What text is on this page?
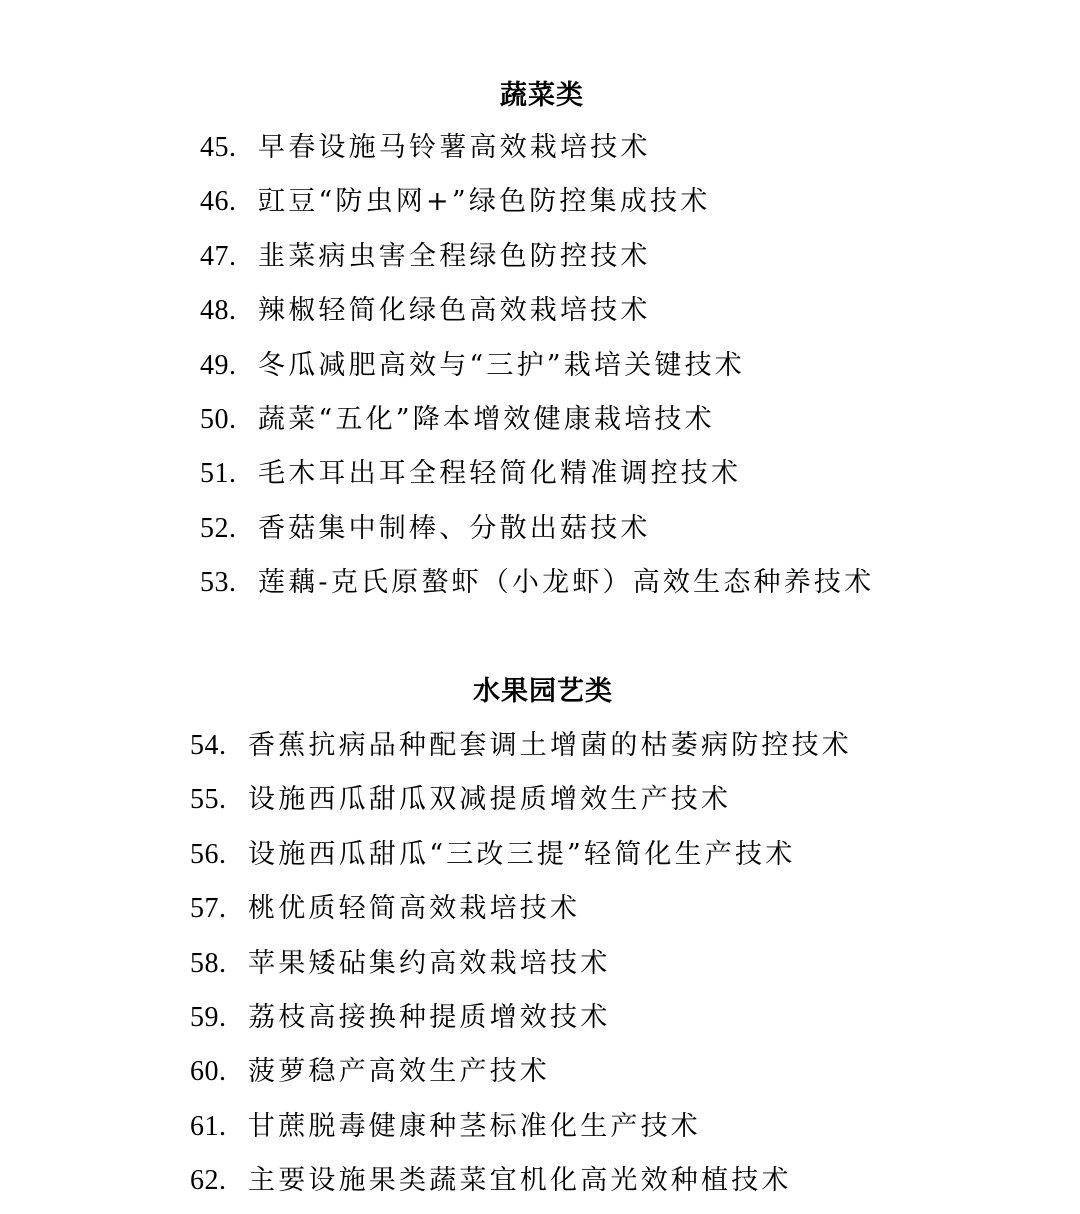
蔬菜类
45. 早春设施马铃薯高效栽培技术
46. 豇豆“防虫网+”绿色防控集成技术
47. 韭菜病虫害全程绿色防控技术
48. 辣椒轻简化绿色高效栽培技术
49. 冬瓜减肥高效与“三护”栽培关键技术
50. 蔬菜“五化”降本增效健康栽培技术
51. 毛木耳出耳全程轻简化精准调控技术
52. 香菇集中制棒、分散出菇技术
53. 莲藕-克氏原螯虾（小龙虾）高效生态种养技术
水果园艺类
54. 香蕉抗病品种配套调土增菌的枯萎病防控技术
55. 设施西瓜甜瓜双减提质增效生产技术
56. 设施西瓜甜瓜“三改三提”轻简化生产技术
57. 桃优质轻简高效栽培技术
58. 苹果矮砧集约高效栽培技术
59. 荔枝高接换种提质增效技术
60. 菠萝稳产高效生产技术
61. 甘蔗脱毒健康种茎标准化生产技术
62. 主要设施果类蔬菜宜机化高光效种植技术
